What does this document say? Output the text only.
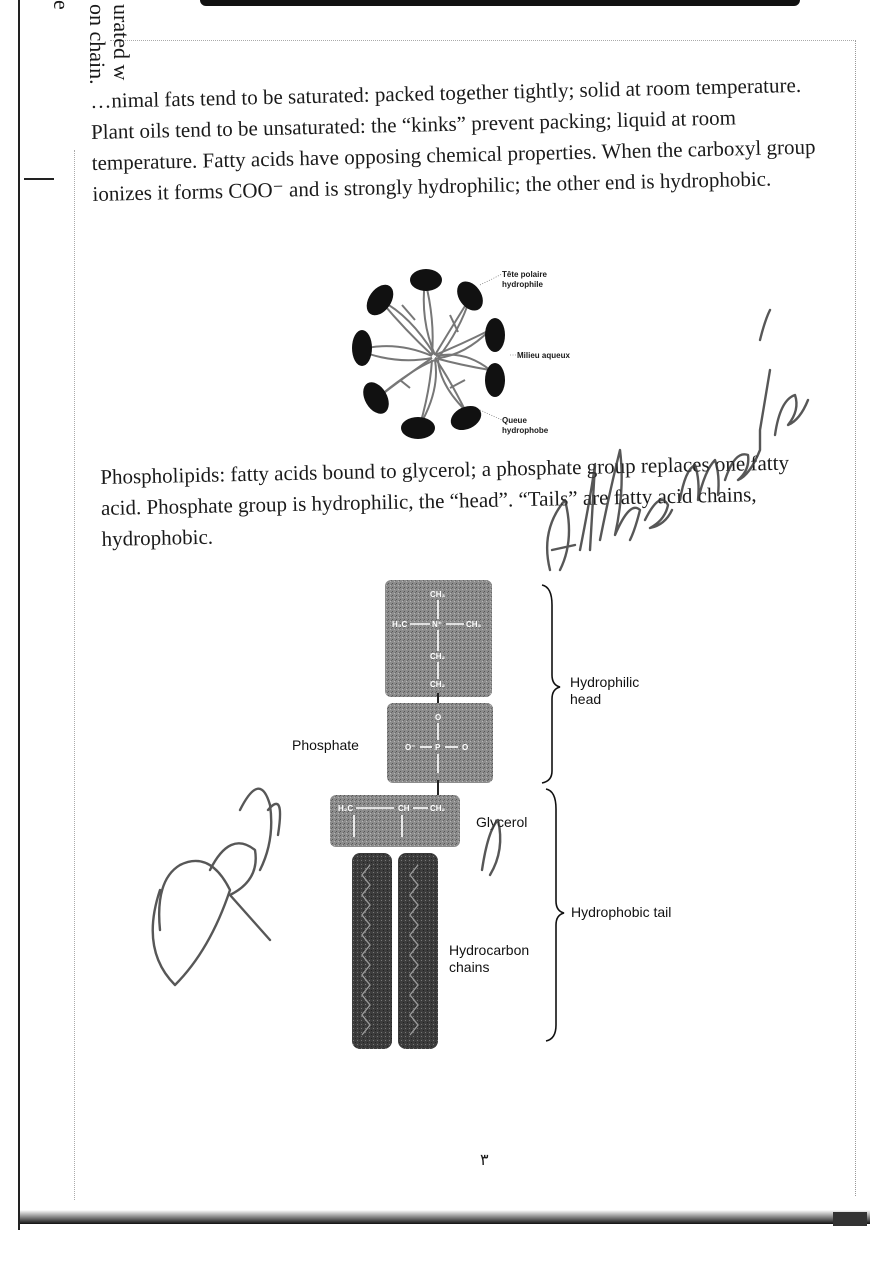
urated w
on chain.
e
…nimal fats tend to be saturated: packed together tightly; solid at room temperature. Plant oils tend to be unsaturated: the “kinks” prevent packing; liquid at room temperature. Fatty acids have opposing chemical properties. When the carboxyl group ionizes it forms COO⁻ and is strongly hydrophilic; the other end is hydrophobic.
Tête polaire hydrophile
Milieu aqueux
Queue hydrophobe
Phospholipids: fatty acids bound to glycerol; a phosphate group replaces one fatty acid. Phosphate group is hydrophilic, the “head”. “Tails” are fatty acid chains, hydrophobic.
CH₃
H₃C	N⁺	CH₃
CH₂
CH₂
O
O⁻ P	O
H₂C	CH	CH₂
Hydrophilic head
Phosphate
Glycerol
Hydrophobic tail
Hydrocarbon chains
Alhamdani
٣
